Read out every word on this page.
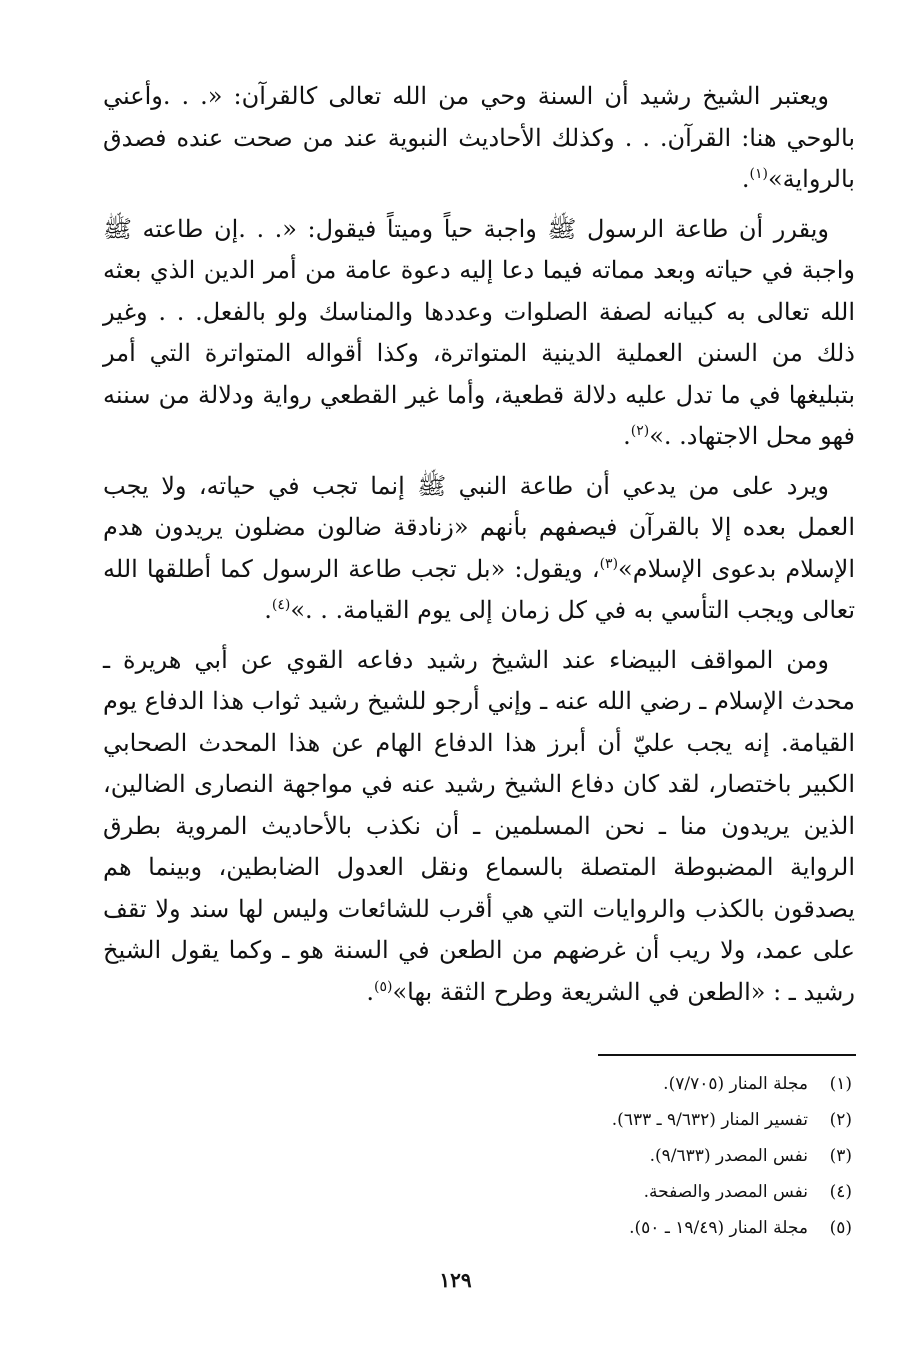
ويعتبر الشيخ رشيد أن السنة وحي من الله تعالى كالقرآن: «. . .وأعني بالوحي هنا: القرآن. . . وكذلك الأحاديث النبوية عند من صحت عنده فصدق بالرواية»$^{(١)}$.

ويقرر أن طاعة الرسول ﷺ واجبة حياً وميتاً فيقول: «. . .إن طاعته ﷺ واجبة في حياته وبعد مماته فيما دعا إليه دعوة عامة من أمر الدين الذي بعثه الله تعالى به كبيانه لصفة الصلوات وعددها والمناسك ولو بالفعل. . . وغير ذلك من السنن العملية الدينية المتواترة، وكذا أقواله المتواترة التي أمر بتبليغها في ما تدل عليه دلالة قطعية، وأما غير القطعي رواية ودلالة من سننه فهو محل الاجتهاد. .»$^{(٢)}$.

ويرد على من يدعي أن طاعة النبي ﷺ إنما تجب في حياته، ولا يجب العمل بعده إلا بالقرآن فيصفهم بأنهم «زنادقة ضالون مضلون يريدون هدم الإسلام بدعوى الإسلام»$^{(٣)}$، ويقول: «بل تجب طاعة الرسول كما أطلقها الله تعالى ويجب التأسي به في كل زمان إلى يوم القيامة. . .»$^{(٤)}$.

ومن المواقف البيضاء عند الشيخ رشيد دفاعه القوي عن أبي هريرة ـ محدث الإسلام ـ رضي الله عنه ـ وإني أرجو للشيخ رشيد ثواب هذا الدفاع يوم القيامة. إنه يجب عليّ أن أبرز هذا الدفاع الهام عن هذا المحدث الصحابي الكبير باختصار، لقد كان دفاع الشيخ رشيد عنه في مواجهة النصارى الضالين، الذين يريدون منا ـ نحن المسلمين ـ أن نكذب بالأحاديث المروية بطرق الرواية المضبوطة المتصلة بالسماع ونقل العدول الضابطين، وبينما هم يصدقون بالكذب والروايات التي هي أقرب للشائعات وليس لها سند ولا تقف على عمد، ولا ريب أن غرضهم من الطعن في السنة هو ـ وكما يقول الشيخ رشيد ـ : «الطعن في الشريعة وطرح الثقة بها»$^{(٥)}$.

(١)مجلة المنار (٧/٧٠٥).
(٢)تفسير المنار (٩/٦٣٢ ـ ٦٣٣).
(٣)نفس المصدر (٩/٦٣٣).
(٤)نفس المصدر والصفحة.
(٥)مجلة المنار (١٩/٤٩ ـ ٥٠).
١٢٩
